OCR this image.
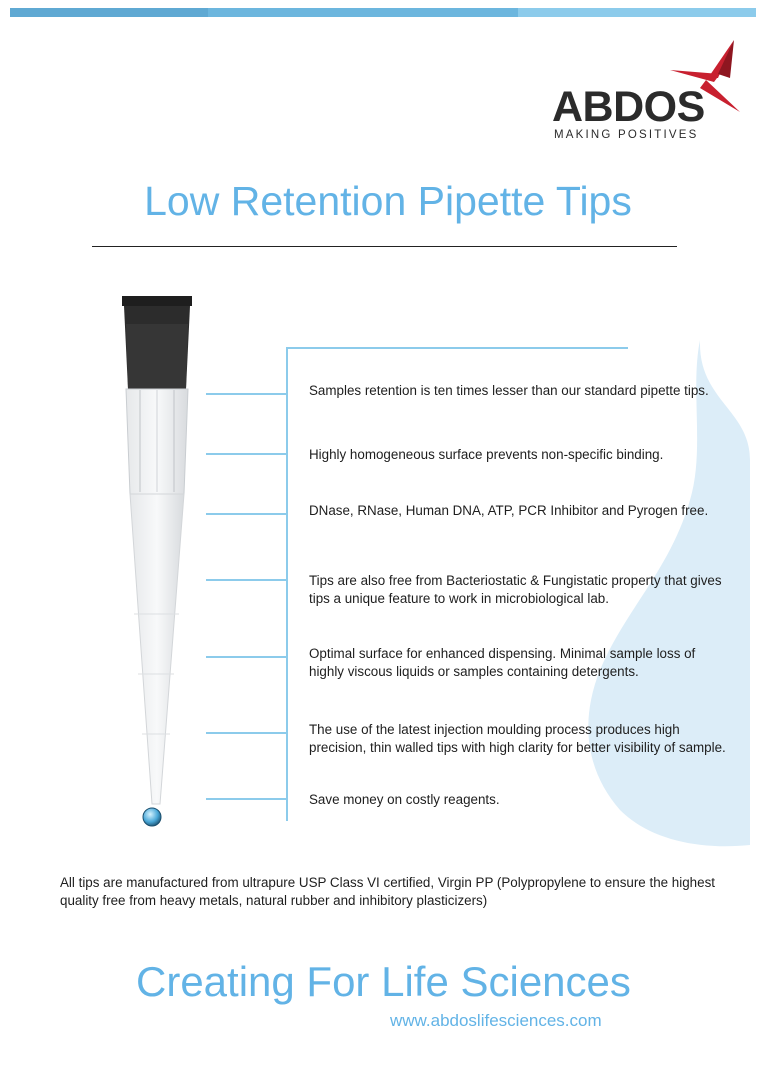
ABDOS
MAKING POSITIVES
Low Retention Pipette Tips
Samples retention is ten times lesser than our standard pipette tips.
Highly homogeneous surface prevents non-specific binding.
DNase, RNase, Human DNA, ATP, PCR Inhibitor and Pyrogen free.
Tips are also free from Bacteriostatic & Fungistatic property that gives tips a unique feature to work in microbiological lab.
Optimal surface for enhanced dispensing. Minimal sample loss of highly viscous liquids or samples containing detergents.
The use of the latest injection moulding process produces high precision, thin walled tips with high clarity for better visibility of sample.
Save money on costly reagents.
All tips are manufactured from ultrapure USP Class VI certified, Virgin PP (Polypropylene to ensure the highest quality free from heavy metals, natural rubber and inhibitory plasticizers)
Creating For Life Sciences
www.abdoslifesciences.com
